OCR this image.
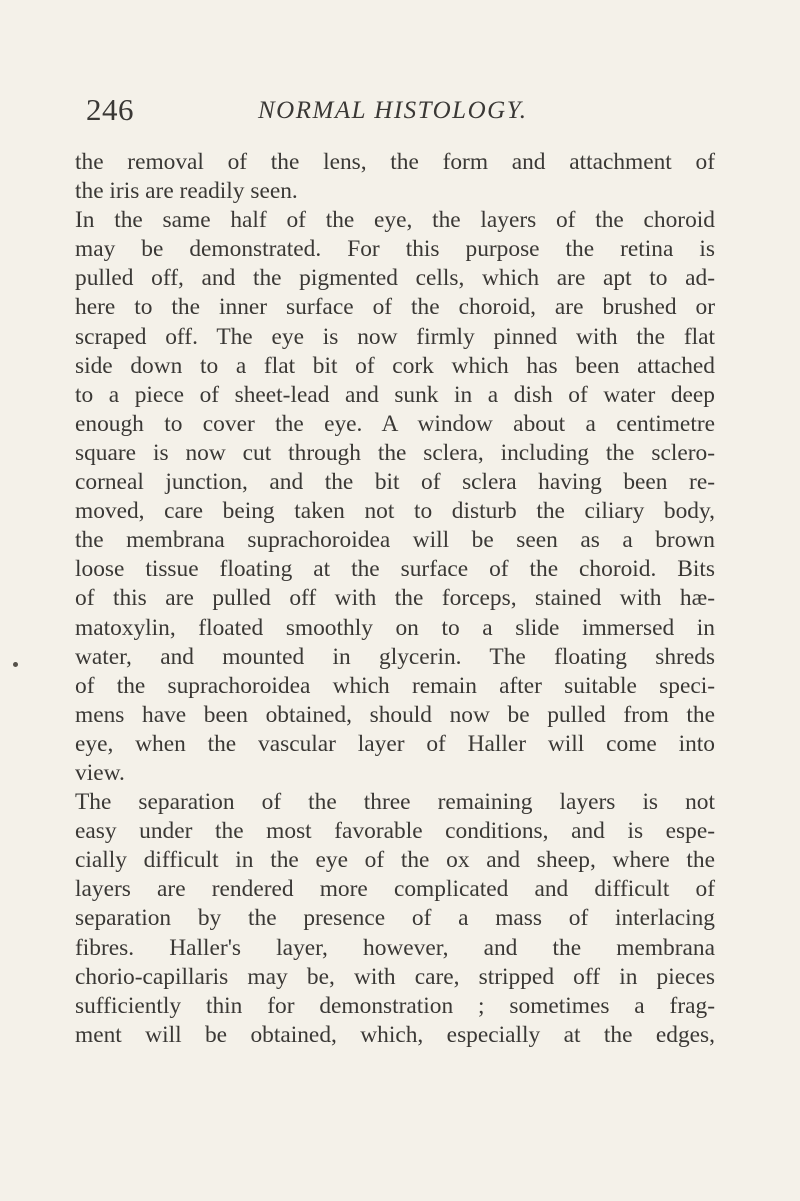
246	NORMAL HISTOLOGY.
the removal of the lens, the form and attachment of
the iris are readily seen.
In the same half of the eye, the layers of the choroid
may be demonstrated. For this purpose the retina is
pulled off, and the pigmented cells, which are apt to ad-
here to the inner surface of the choroid, are brushed or
scraped off. The eye is now firmly pinned with the flat
side down to a flat bit of cork which has been attached
to a piece of sheet-lead and sunk in a dish of water deep
enough to cover the eye. A window about a centimetre
square is now cut through the sclera, including the sclero-
corneal junction, and the bit of sclera having been re-
moved, care being taken not to disturb the ciliary body,
the membrana suprachoroidea will be seen as a brown
loose tissue floating at the surface of the choroid. Bits
of this are pulled off with the forceps, stained with hæ-
matoxylin, floated smoothly on to a slide immersed in
water, and mounted in glycerin. The floating shreds
of the suprachoroidea which remain after suitable speci-
mens have been obtained, should now be pulled from the
eye, when the vascular layer of Haller will come into
view.
The separation of the three remaining layers is not
easy under the most favorable conditions, and is espe-
cially difficult in the eye of the ox and sheep, where the
layers are rendered more complicated and difficult of
separation by the presence of a mass of interlacing
fibres. Haller's layer, however, and the membrana
chorio-capillaris may be, with care, stripped off in pieces
sufficiently thin for demonstration ; sometimes a frag-
ment will be obtained, which, especially at the edges,
